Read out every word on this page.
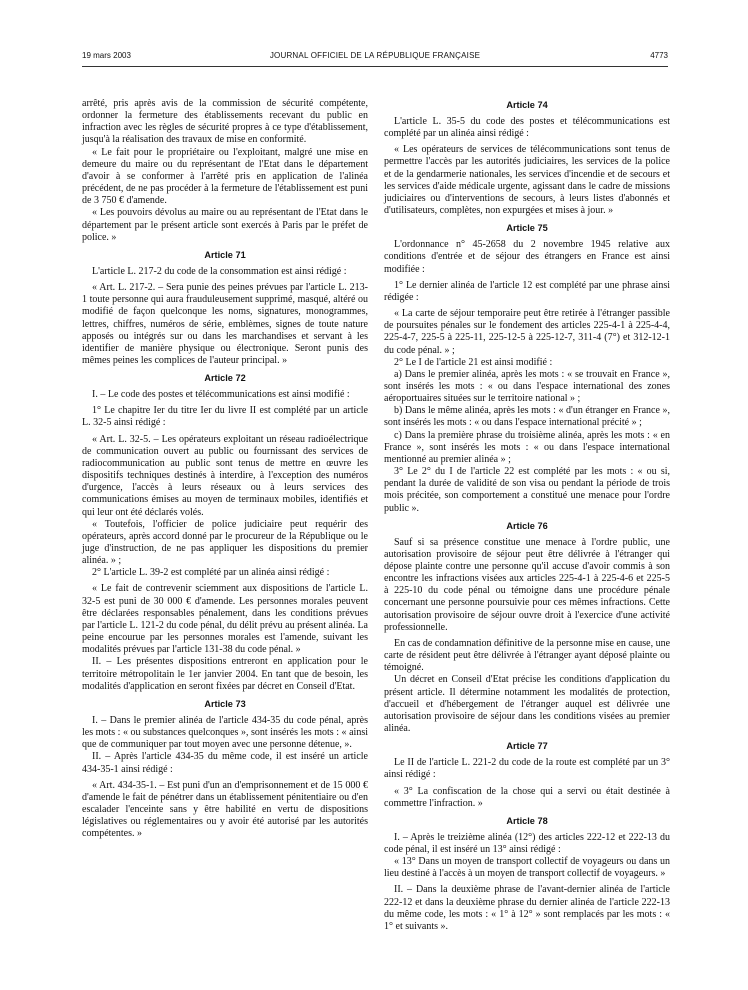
19 mars 2003	JOURNAL OFFICIEL DE LA RÉPUBLIQUE FRANÇAISE	4773

arrêté, pris après avis de la commission de sécurité compétente, ordonner la fermeture des établissements recevant du public en infraction avec les règles de sécurité propres à ce type d'établissement, jusqu'à la réalisation des travaux de mise en conformité.

« Le fait pour le propriétaire ou l'exploitant, malgré une mise en demeure du maire ou du représentant de l'Etat dans le département d'avoir à se conformer à l'arrêté pris en application de l'alinéa précédent, de ne pas procéder à la fermeture de l'établissement est puni de 3 750 € d'amende.

« Les pouvoirs dévolus au maire ou au représentant de l'Etat dans le département par le présent article sont exercés à Paris par le préfet de police. »

Article 71

L'article L. 217-2 du code de la consommation est ainsi rédigé :

« Art. L. 217-2. – Sera punie des peines prévues par l'article L. 213-1 toute personne qui aura frauduleusement supprimé, masqué, altéré ou modifié de façon quelconque les noms, signatures, monogrammes, lettres, chiffres, numéros de série, emblèmes, signes de toute nature apposés ou intégrés sur ou dans les marchandises et servant à les identifier de manière physique ou électronique. Seront punis des mêmes peines les complices de l'auteur principal. »

Article 72

I. – Le code des postes et télécommunications est ainsi modifié :

1° Le chapitre Ier du titre Ier du livre II est complété par un article L. 32-5 ainsi rédigé :

« Art. L. 32-5. – Les opérateurs exploitant un réseau radioélectrique de communication ouvert au public ou fournissant des services de radiocommunication au public sont tenus de mettre en œuvre les dispositifs techniques destinés à interdire, à l'exception des numéros d'urgence, l'accès à leurs réseaux ou à leurs services des communications émises au moyen de terminaux mobiles, identifiés et qui leur ont été déclarés volés.

« Toutefois, l'officier de police judiciaire peut requérir des opérateurs, après accord donné par le procureur de la République ou le juge d'instruction, de ne pas appliquer les dispositions du premier alinéa. » ;

2° L'article L. 39-2 est complété par un alinéa ainsi rédigé :

« Le fait de contrevenir sciemment aux dispositions de l'article L. 32-5 est puni de 30 000 € d'amende. Les personnes morales peuvent être déclarées responsables pénalement, dans les conditions prévues par l'article L. 121-2 du code pénal, du délit prévu au présent alinéa. La peine encourue par les personnes morales est l'amende, suivant les modalités prévues par l'article 131-38 du code pénal. »

II. – Les présentes dispositions entreront en application pour le territoire métropolitain le 1er janvier 2004. En tant que de besoin, les modalités d'application en seront fixées par décret en Conseil d'Etat.

Article 73

I. – Dans le premier alinéa de l'article 434-35 du code pénal, après les mots : « ou substances quelconques », sont insérés les mots : « ainsi que de communiquer par tout moyen avec une personne détenue, ».

II. – Après l'article 434-35 du même code, il est inséré un article 434-35-1 ainsi rédigé :

« Art. 434-35-1. – Est puni d'un an d'emprisonnement et de 15 000 € d'amende le fait de pénétrer dans un établissement pénitentiaire ou d'en escalader l'enceinte sans y être habilité en vertu de dispositions législatives ou réglementaires ou y avoir été autorisé par les autorités compétentes. »

Article 74

L'article L. 35-5 du code des postes et télécommunications est complété par un alinéa ainsi rédigé :

« Les opérateurs de services de télécommunications sont tenus de permettre l'accès par les autorités judiciaires, les services de la police et de la gendarmerie nationales, les services d'incendie et de secours et les services d'aide médicale urgente, agissant dans le cadre de missions judiciaires ou d'interventions de secours, à leurs listes d'abonnés et d'utilisateurs, complètes, non expurgées et mises à jour. »

Article 75

L'ordonnance n° 45-2658 du 2 novembre 1945 relative aux conditions d'entrée et de séjour des étrangers en France est ainsi modifiée :

1° Le dernier alinéa de l'article 12 est complété par une phrase ainsi rédigée :

« La carte de séjour temporaire peut être retirée à l'étranger passible de poursuites pénales sur le fondement des articles 225-4-1 à 225-4-4, 225-4-7, 225-5 à 225-11, 225-12-5 à 225-12-7, 311-4 (7°) et 312-12-1 du code pénal. » ;

2° Le I de l'article 21 est ainsi modifié :

a) Dans le premier alinéa, après les mots : « se trouvait en France », sont insérés les mots : « ou dans l'espace international des zones aéroportuaires situées sur le territoire national » ;

b) Dans le même alinéa, après les mots : « d'un étranger en France », sont insérés les mots : « ou dans l'espace international précité » ;

c) Dans la première phrase du troisième alinéa, après les mots : « en France », sont insérés les mots : « ou dans l'espace international mentionné au premier alinéa » ;

3° Le 2° du I de l'article 22 est complété par les mots : « ou si, pendant la durée de validité de son visa ou pendant la période de trois mois précitée, son comportement a constitué une menace pour l'ordre public ».

Article 76

Sauf si sa présence constitue une menace à l'ordre public, une autorisation provisoire de séjour peut être délivrée à l'étranger qui dépose plainte contre une personne qu'il accuse d'avoir commis à son encontre les infractions visées aux articles 225-4-1 à 225-4-6 et 225-5 à 225-10 du code pénal ou témoigne dans une procédure pénale concernant une personne poursuivie pour ces mêmes infractions. Cette autorisation provisoire de séjour ouvre droit à l'exercice d'une activité professionnelle.

En cas de condamnation définitive de la personne mise en cause, une carte de résident peut être délivrée à l'étranger ayant déposé plainte ou témoigné.

Un décret en Conseil d'Etat précise les conditions d'application du présent article. Il détermine notamment les modalités de protection, d'accueil et d'hébergement de l'étranger auquel est délivrée une autorisation provisoire de séjour dans les conditions visées au premier alinéa.

Article 77

Le II de l'article L. 221-2 du code de la route est complété par un 3° ainsi rédigé :

« 3° La confiscation de la chose qui a servi ou était destinée à commettre l'infraction. »

Article 78

I. – Après le treizième alinéa (12°) des articles 222-12 et 222-13 du code pénal, il est inséré un 13° ainsi rédigé :

« 13° Dans un moyen de transport collectif de voyageurs ou dans un lieu destiné à l'accès à un moyen de transport collectif de voyageurs. »

II. – Dans la deuxième phrase de l'avant-dernier alinéa de l'article 222-12 et dans la deuxième phrase du dernier alinéa de l'article 222-13 du même code, les mots : « 1° à 12° » sont remplacés par les mots : « 1° et suivants ».
